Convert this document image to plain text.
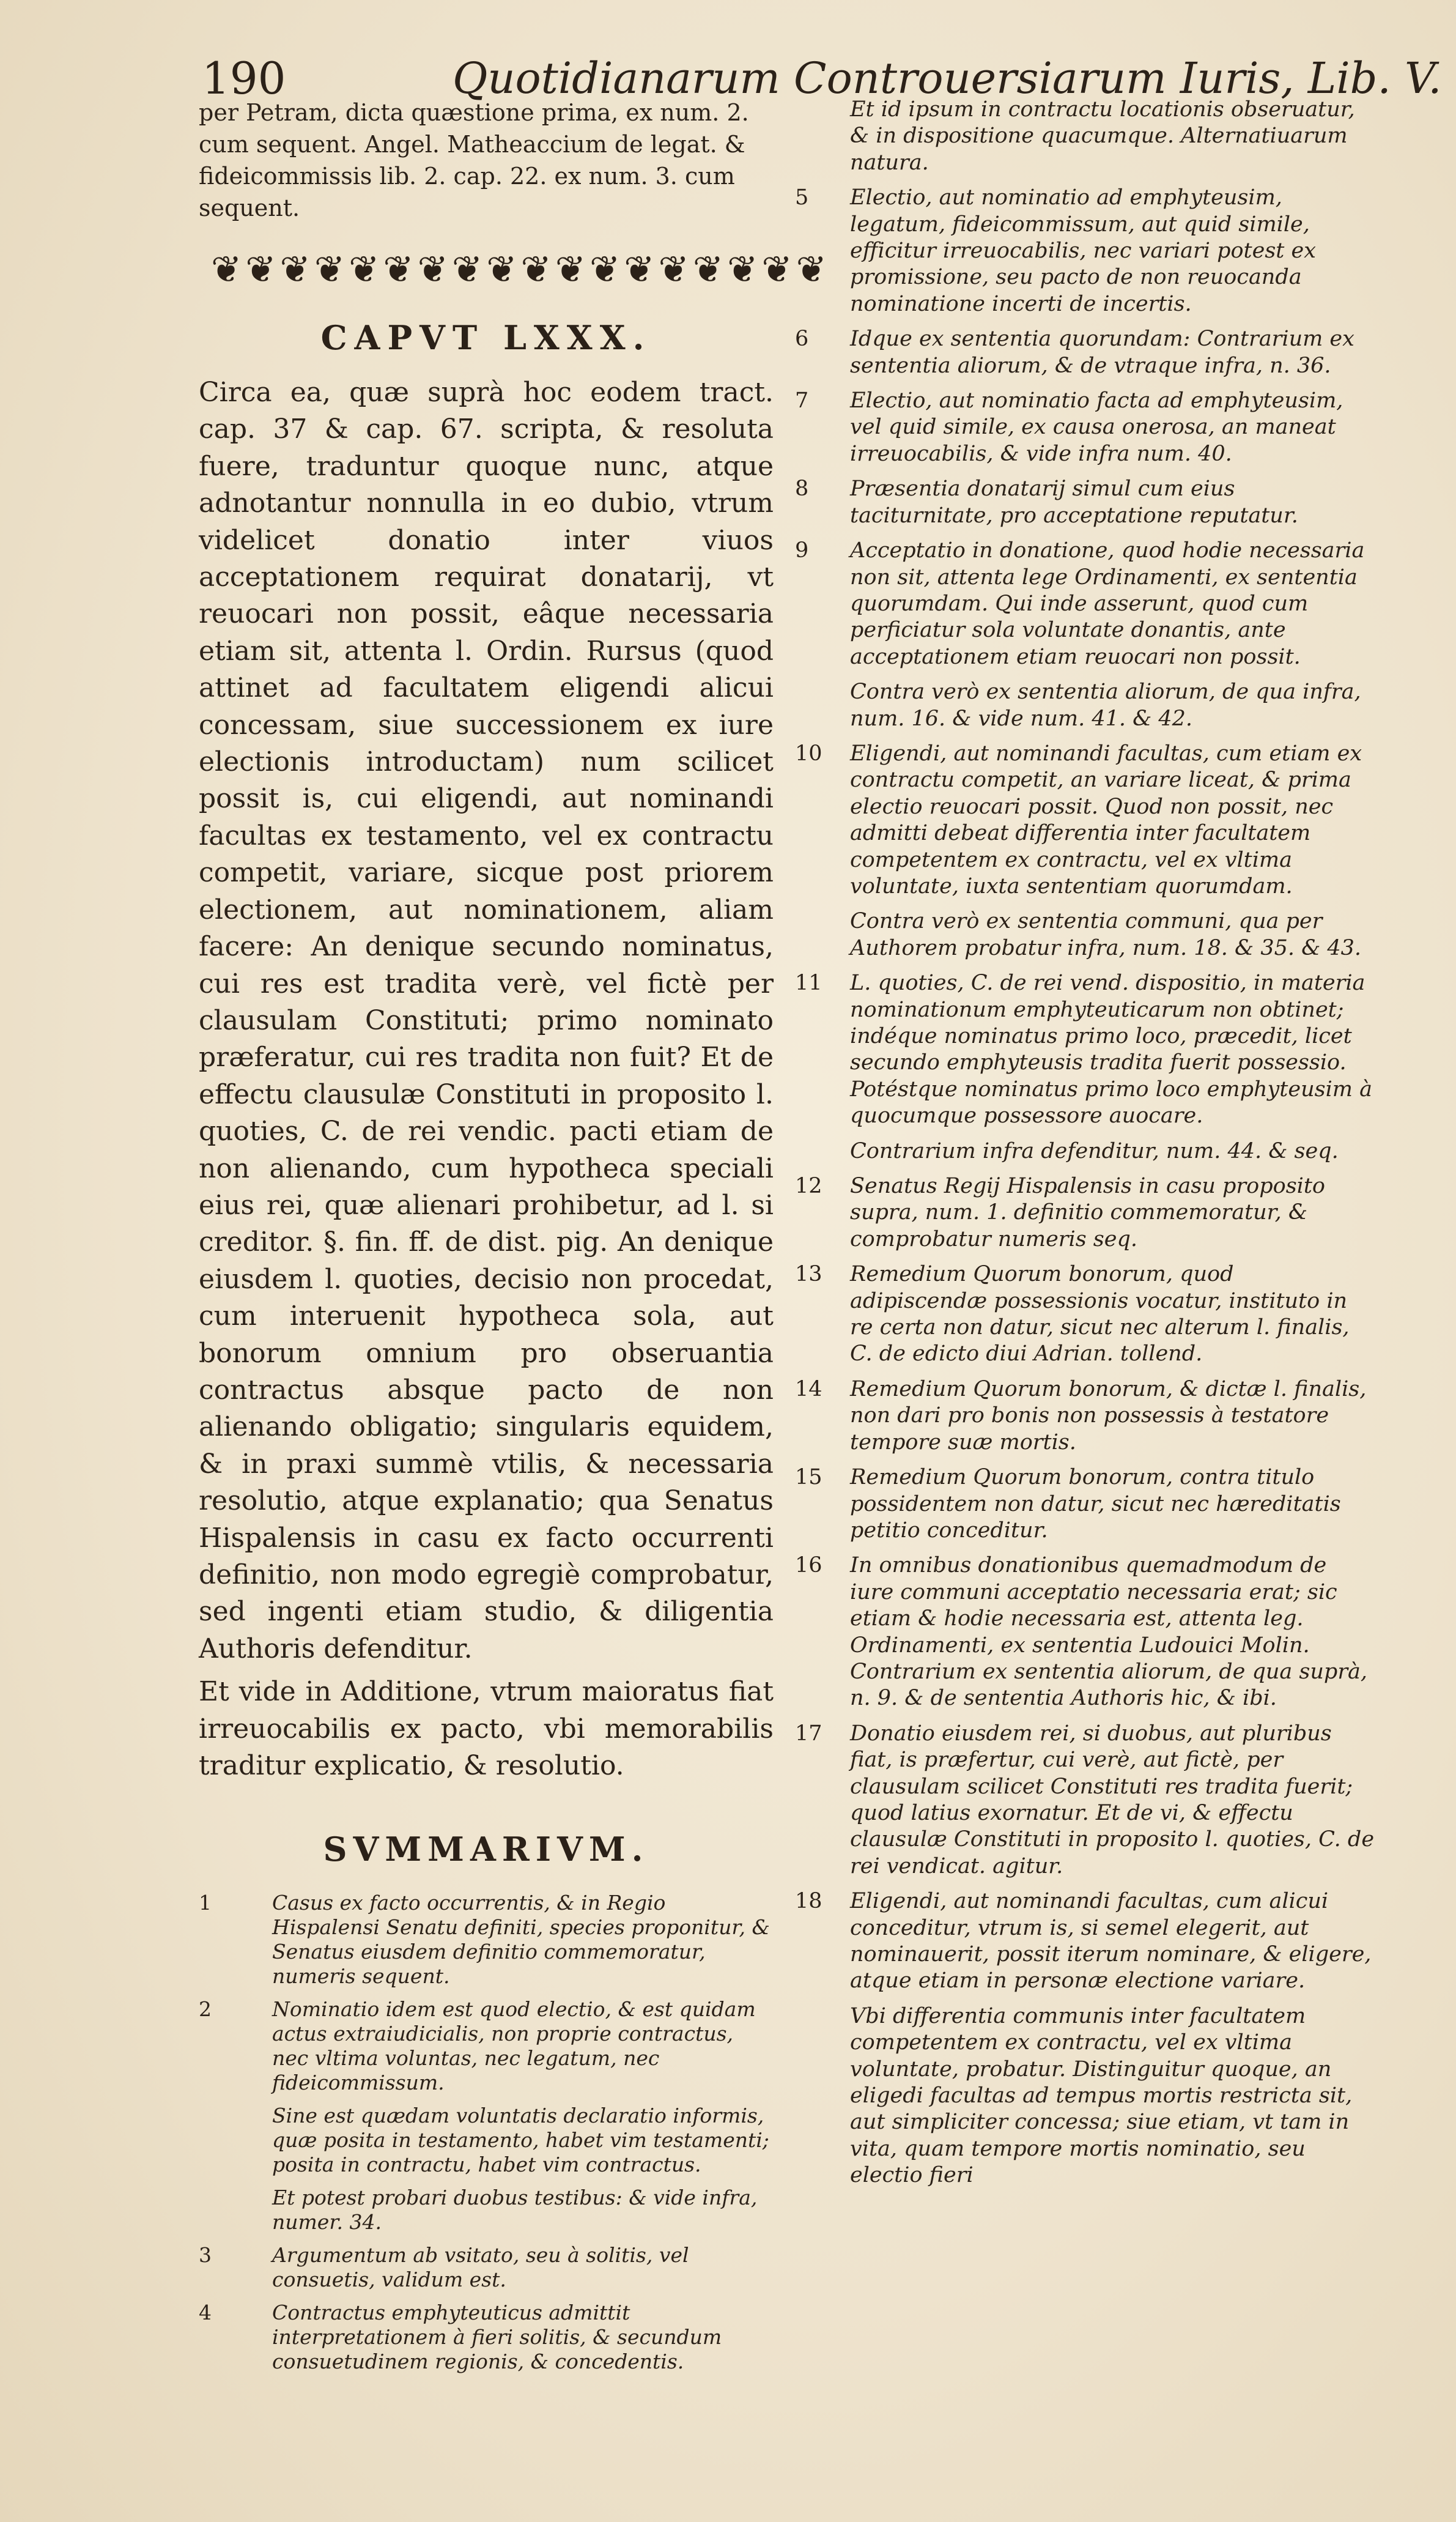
190	Quotidianarum Controuersiarum Iuris, Lib. V.

per Petram, dicta quæstione prima, ex num. 2. cum sequent. Angel. Matheaccium de legat. & fideicommissis lib. 2. cap. 22. ex num. 3. cum sequent.

❦❦❦❦❦❦❦❦❦❦❦❦❦❦❦❦❦❦
CAPVT LXXX.

Circa ea, quæ suprà hoc eodem tract. cap. 37 & cap. 67. scripta, & resoluta fuere, traduntur quoque nunc, atque adnotantur nonnulla in eo dubio, vtrum videlicet donatio inter viuos acceptationem requirat donatarij, vt reuocari non possit, eâque necessaria etiam sit, attenta l. Ordin. Rursus (quod attinet ad facultatem eligendi alicui concessam, siue successionem ex iure electionis introductam) num scilicet possit is, cui eligendi, aut nominandi facultas ex testamento, vel ex contractu competit, variare, sicque post priorem electionem, aut nominationem, aliam facere: An denique secundo nominatus, cui res est tradita verè, vel fictè per clausulam Constituti; primo nominato præferatur, cui res tradita non fuit? Et de effectu clausulæ Constituti in proposito l. quoties, C. de rei vendic. pacti etiam de non alienando, cum hypotheca speciali eius rei, quæ alienari prohibetur, ad l. si creditor. §. fin. ff. de dist. pig. An denique eiusdem l. quoties, decisio non procedat, cum interuenit hypotheca sola, aut bonorum omnium pro obseruantia contractus absque pacto de non alienando obligatio; singularis equidem, & in praxi summè vtilis, & necessaria resolutio, atque explanatio; qua Senatus Hispalensis in casu ex facto occurrenti definitio, non modo egregiè comprobatur, sed ingenti etiam studio, & diligentia Authoris defenditur.

Et vide in Additione, vtrum maioratus fiat irreuocabilis ex pacto, vbi memorabilis traditur explicatio, & resolutio.

SVMMARIVM.
1	Casus ex facto occurrentis, & in Regio Hispalensi Senatu definiti, species proponitur, & Senatus eiusdem definitio commemoratur, numeris sequent.
2	Nominatio idem est quod electio, & est quidam actus extraiudicialis, non proprie contractus, nec vltima voluntas, nec legatum, nec fideicommissum.
Sine est quædam voluntatis declaratio informis, quæ posita in testamento, habet vim testamenti; posita in contractu, habet vim contractus.
Et potest probari duobus testibus: & vide infra, numer. 34.
3	Argumentum ab vsitato, seu à solitis, vel consuetis, validum est.
4	Contractus emphyteuticus admittit interpretationem à fieri solitis, & secundum consuetudinem regionis, & concedentis.
Et id ipsum in contractu locationis obseruatur, & in dispositione quacumque. Alternatiuarum natura.
5	Electio, aut nominatio ad emphyteusim, legatum, fideicommissum, aut quid simile, efficitur irreuocabilis, nec variari potest ex promissione, seu pacto de non reuocanda nominatione incerti de incertis.
6	Idque ex sententia quorundam: Contrarium ex sententia aliorum, & de vtraque infra, n. 36.
7	Electio, aut nominatio facta ad emphyteusim, vel quid simile, ex causa onerosa, an maneat irreuocabilis, & vide infra num. 40.
8	Præsentia donatarij simul cum eius taciturnitate, pro acceptatione reputatur.
9	Acceptatio in donatione, quod hodie necessaria non sit, attenta lege Ordinamenti, ex sententia quorumdam. Qui inde asserunt, quod cum perficiatur sola voluntate donantis, ante acceptationem etiam reuocari non possit.
Contra verò ex sententia aliorum, de qua infra, num. 16. & vide num. 41. & 42.
10	Eligendi, aut nominandi facultas, cum etiam ex contractu competit, an variare liceat, & prima electio reuocari possit. Quod non possit, nec admitti debeat differentia inter facultatem competentem ex contractu, vel ex vltima voluntate, iuxta sententiam quorumdam.
Contra verò ex sententia communi, qua per Authorem probatur infra, num. 18. & 35. & 43.
11	L. quoties, C. de rei vend. dispositio, in materia nominationum emphyteuticarum non obtinet; indéque nominatus primo loco, præcedit, licet secundo emphyteusis tradita fuerit possessio. Potéstque nominatus primo loco emphyteusim à quocumque possessore auocare.
Contrarium infra defenditur, num. 44. & seq.
12	Senatus Regij Hispalensis in casu proposito supra, num. 1. definitio commemoratur, & comprobatur numeris seq.
13	Remedium Quorum bonorum, quod adipiscendæ possessionis vocatur, instituto in re certa non datur, sicut nec alterum l. finalis, C. de edicto diui Adrian. tollend.
14	Remedium Quorum bonorum, & dictæ l. finalis, non dari pro bonis non possessis à testatore tempore suæ mortis.
15	Remedium Quorum bonorum, contra titulo possidentem non datur, sicut nec hæreditatis petitio conceditur.
16	In omnibus donationibus quemadmodum de iure communi acceptatio necessaria erat; sic etiam & hodie necessaria est, attenta leg. Ordinamenti, ex sententia Ludouici Molin. Contrarium ex sententia aliorum, de qua suprà, n. 9. & de sententia Authoris hic, & ibi.
17	Donatio eiusdem rei, si duobus, aut pluribus fiat, is præfertur, cui verè, aut fictè, per clausulam scilicet Constituti res tradita fuerit; quod latius exornatur. Et de vi, & effectu clausulæ Constituti in proposito l. quoties, C. de rei vendicat. agitur.
18	Eligendi, aut nominandi facultas, cum alicui conceditur, vtrum is, si semel elegerit, aut nominauerit, possit iterum nominare, & eligere, atque etiam in personæ electione variare.
Vbi differentia communis inter facultatem competentem ex contractu, vel ex vltima voluntate, probatur. Distinguitur quoque, an eligedi facultas ad tempus mortis restricta sit, aut simpliciter concessa; siue etiam, vt tam in vita, quam tempore mortis nominatio, seu electio fieri
